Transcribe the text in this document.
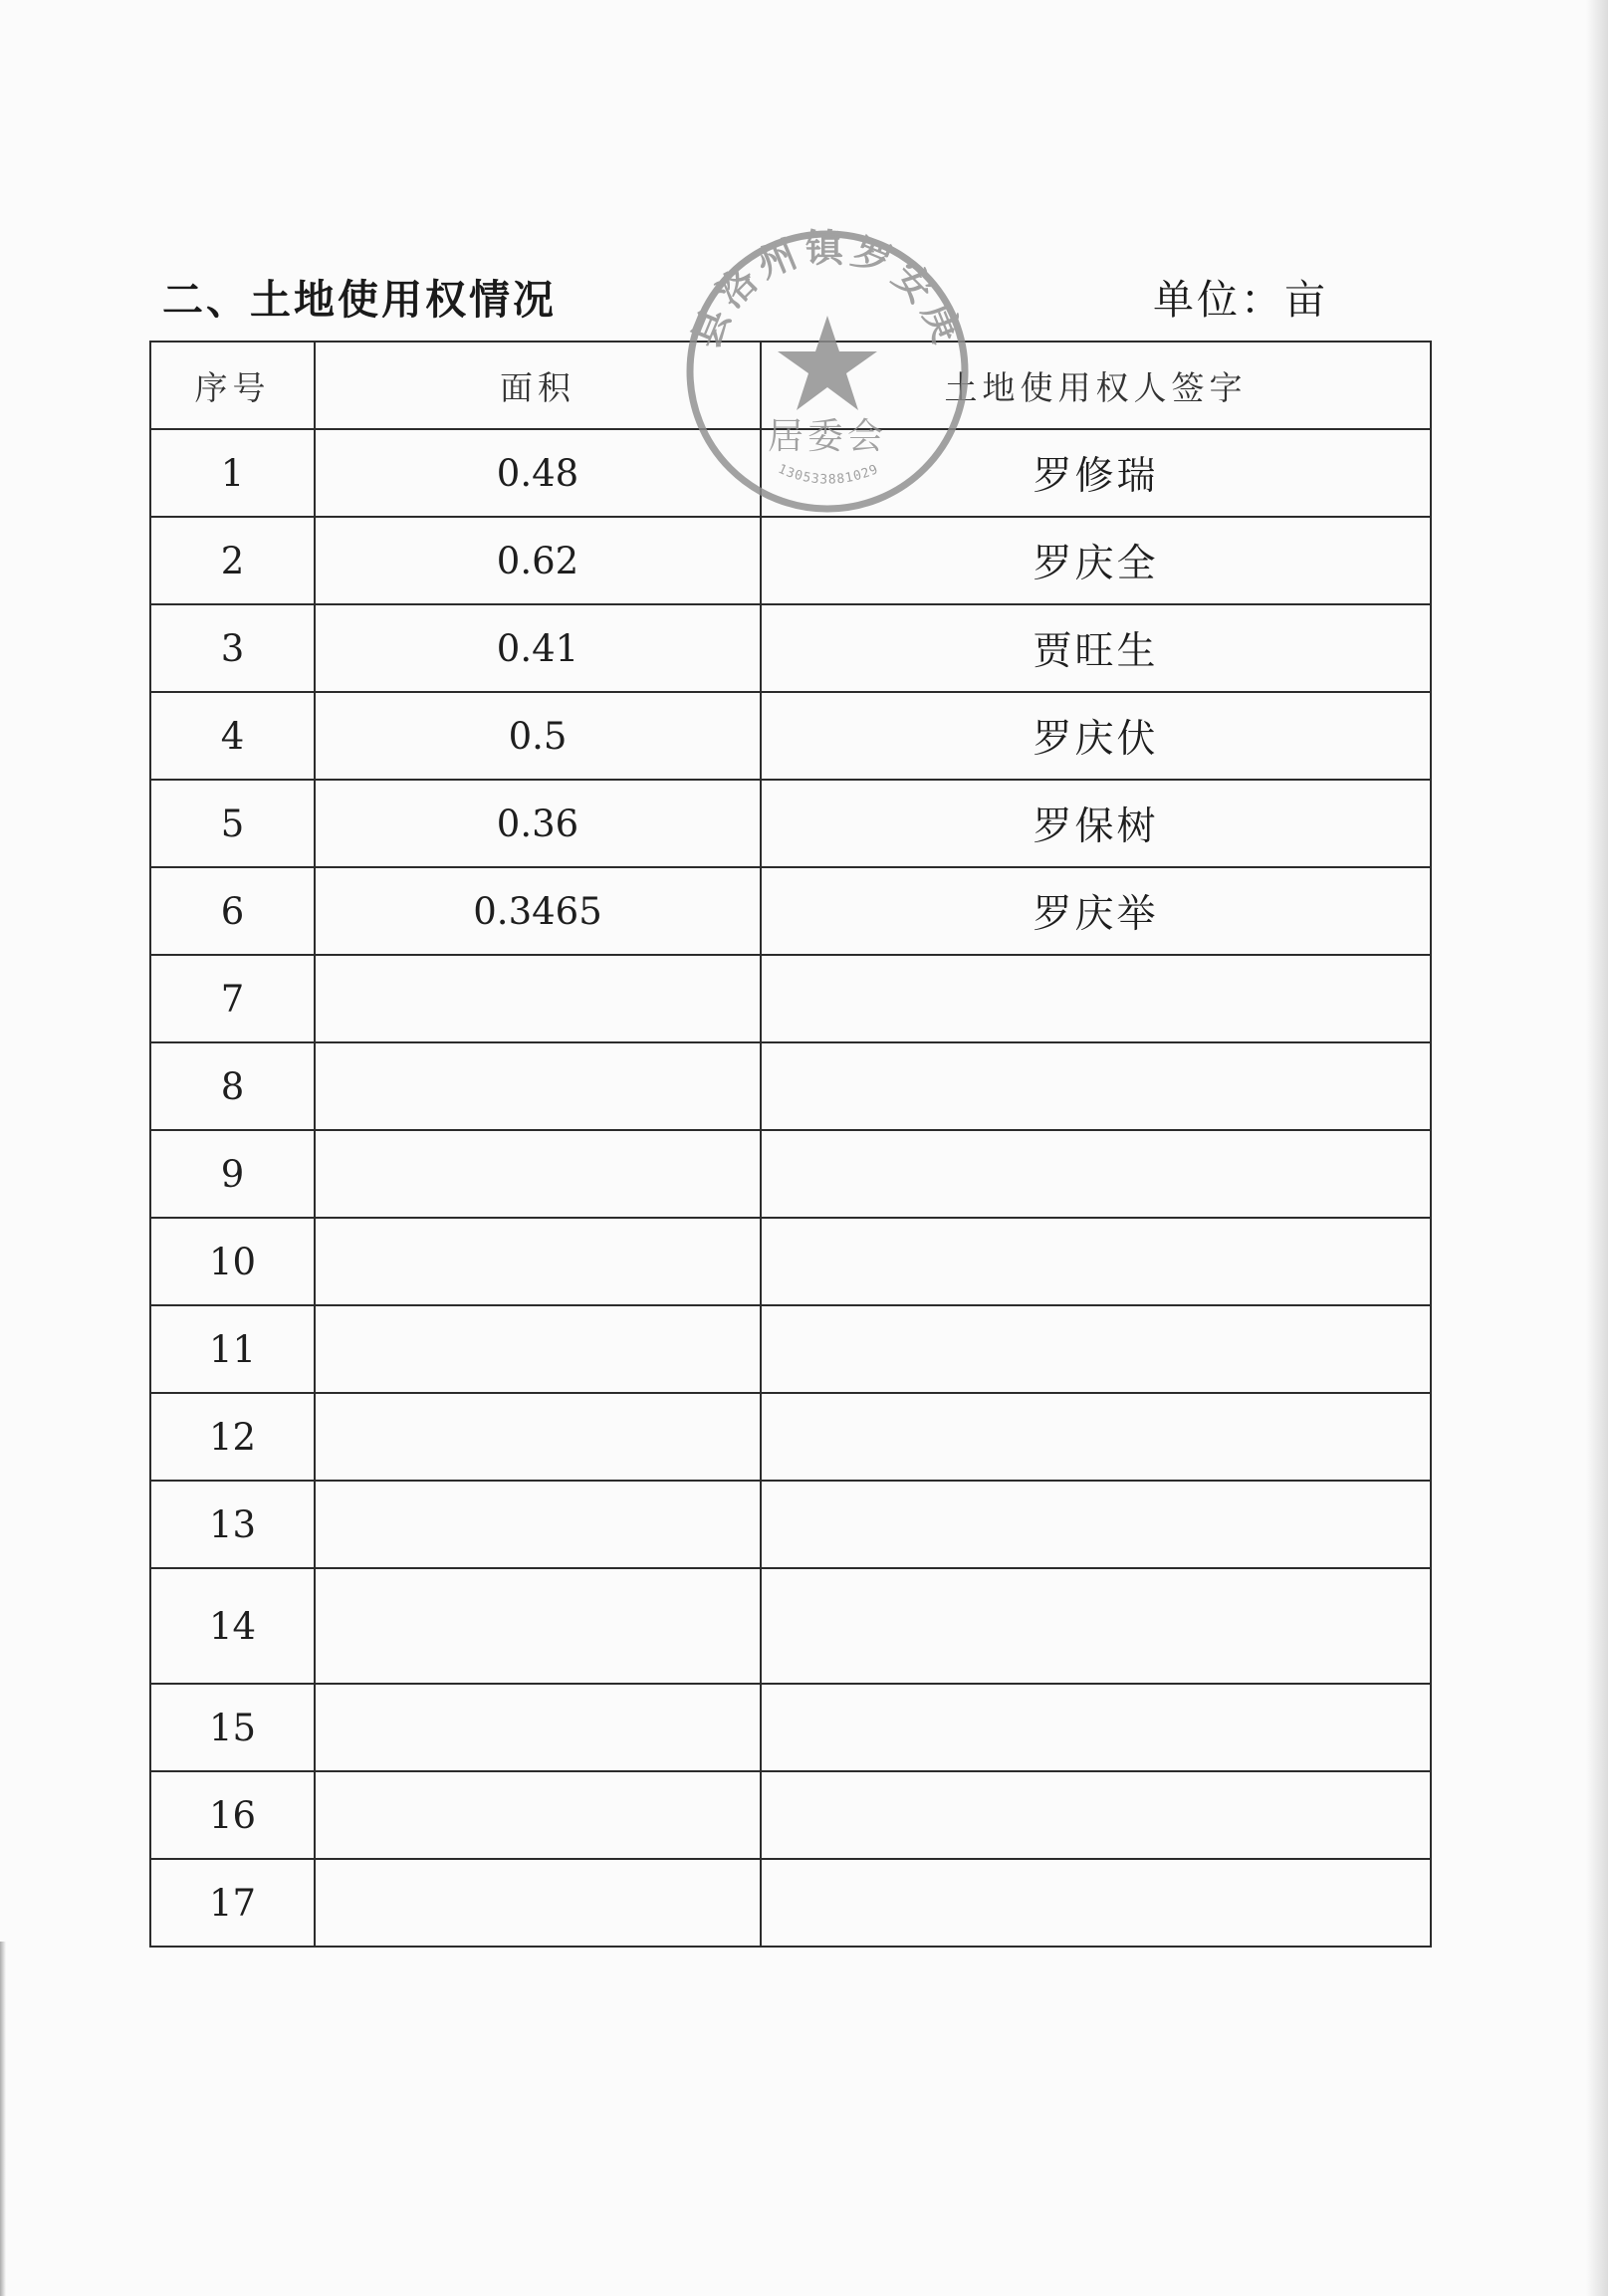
二、土地使用权情况	单位：亩
序号	面积	土地使用权人签字
1	0.48	罗修瑞
2	0.62	罗庆全
3	0.41	贾旺生
4	0.5	罗庆伏
5	0.36	罗保树
6	0.3465	罗庆举
7		
8		
9		
10		
11		
12		
13		
14		
15		
16		
17		
县洛州镇罗安庚
居委会
130533881029
